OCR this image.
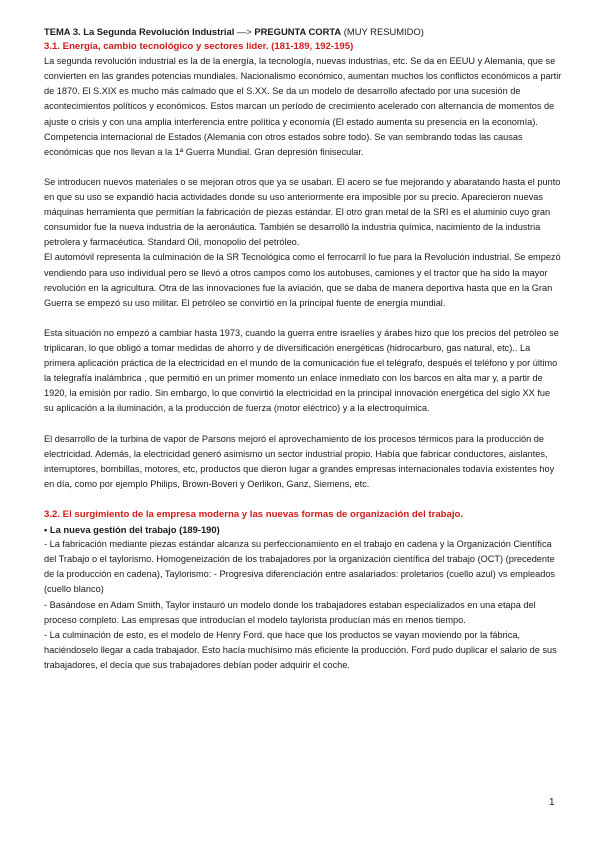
TEMA 3. La Segunda Revolución Industrial —> PREGUNTA CORTA (MUY RESUMIDO)

3.1. Energía, cambio tecnológico y sectores líder. (181-189, 192-195)

La segunda revolución industrial es la de la energía, la tecnología, nuevas industrias, etc. Se da en EEUU y Alemania, que se convierten en las grandes potencias mundiales. Nacionalismo económico, aumentan muchos los conflictos económicos a partir de 1870. El S.XIX es mucho más calmado que el S.XX. Se da un modelo de desarrollo afectado por una sucesión de acontecimientos políticos y económicos. Estos marcan un período de crecimiento acelerado con alternancia de momentos de ajuste o crisis y con una amplia interferencia entre política y economía (El estado aumenta su presencia en la economía). Competencia internacional de Estados (Alemania con otros estados sobre todo). Se van sembrando todas las causas económicas que nos llevan a la 1ª Guerra Mundial. Gran depresión finisecular.

Se introducen nuevos materiales o se mejoran otros que ya se usaban. El acero se fue mejorando y abaratando hasta el punto en que su uso se expandió hacia actividades donde su uso anteriormente era imposible por su precio. Aparecieron nuevas máquinas herramienta que permitían la fabricación de piezas estándar. El otro gran metal de la SRI es el aluminio cuyo gran consumidor fue la nueva industria de la aeronáutica. También se desarrolló la industria química, nacimiento de la industria petrolera y farmacéutica. Standard Oil, monopolio del petróleo.

El automóvil representa la culminación de la SR Tecnológica como el ferrocarril lo fue para la Revolución industrial. Se empezó vendiendo para uso individual pero se llevó a otros campos como los autobuses, camiones y el tractor que ha sido la mayor revolución en la agricultura. Otra de las innovaciones fue la aviación, que se daba de manera deportiva hasta que en la Gran Guerra se empezó su uso militar. El petróleo se convirtió en la principal fuente de energía mundial.

Esta situación no empezó a cambiar hasta 1973, cuando la guerra entre israelíes y árabes hizo que los precios del petróleo se triplicaran, lo que obligó a tomar medidas de ahorro y de diversificación energéticas (hidrocarburo, gas natural, etc).. La primera aplicación práctica de la electricidad en el mundo de la comunicación fue el telégrafo, después el teléfono y por último la telegrafía inalámbrica , que permitió en un primer momento un enlace inmediato con los barcos en alta mar y, a partir de 1920, la emisión por radio. Sin embargo, lo que convirtió la electricidad en la principal innovación energética del siglo XX fue su aplicación a la iluminación, a la producción de fuerza (motor eléctrico) y a la electroquímica.

El desarrollo de la turbina de vapor de Parsons mejoró el aprovechamiento de los procesos térmicos para la producción de electricidad. Además, la electricidad generó asimismo un sector industrial propio. Había que fabricar conductores, aislantes, interruptores, bombillas, motores, etc, productos que dieron lugar a grandes empresas internacionales todavía existentes hoy en día, como por ejemplo Philips, Brown-Boveri y Oerlikon, Ganz, Siemens, etc.

3.2. El surgimiento de la empresa moderna y las nuevas formas de organización del trabajo.

• La nueva gestión del trabajo (189-190)

- La fabricación mediante piezas estándar alcanza su perfeccionamiento en el trabajo en cadena y la Organización Científica del Trabajo o el taylorismo. Homogeneización de los trabajadores por la organización científica del trabajo (OCT) (precedente de la producción en cadena), Taylorismo: - Progresiva diferenciación entre asalariados: proletarios (cuello azul) vs empleados (cuello blanco)

- Basándose en Adam Smith, Taylor instauró un modelo donde los trabajadores estaban especializados en una etapa del proceso completo. Las empresas que introducían el modelo taylorista producían más en menos tiempo.

- La culminación de esto, es el modelo de Henry Ford. que hace que los productos se vayan moviendo por la fábrica, haciéndoselo llegar a cada trabajador. Esto hacía muchísimo más eficiente la producción. Ford pudo duplicar el salario de sus trabajadores, el decía que sus trabajadores debían poder adquirir el coche.

1
